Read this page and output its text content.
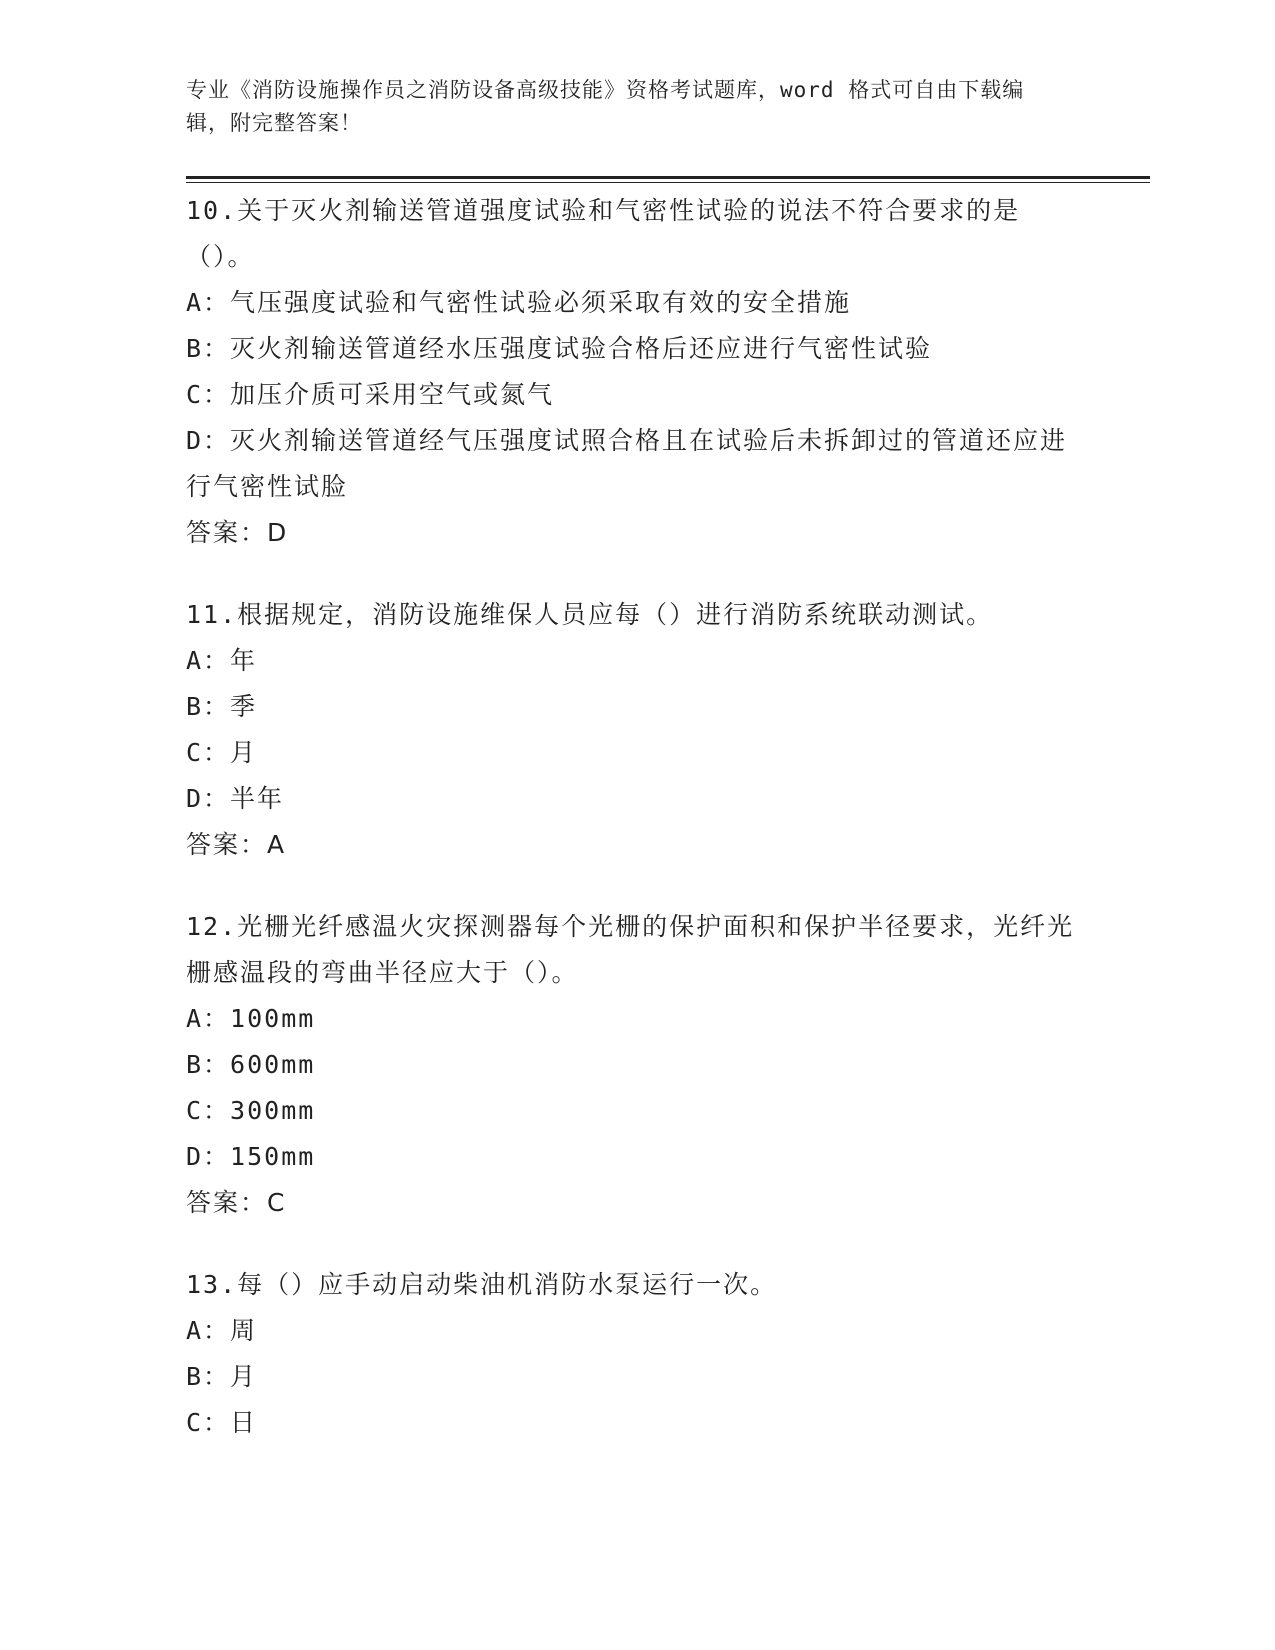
专业《消防设施操作员之消防设备高级技能》资格考试题库，word 格式可自由下载编辑，附完整答案！

10.关于灭火剂输送管道强度试验和气密性试验的说法不符合要求的是（）。

A：气压强度试验和气密性试验必须采取有效的安全措施

B：灭火剂输送管道经水压强度试验合格后还应进行气密性试验

C：加压介质可采用空气或氮气

D：灭火剂输送管道经气压强度试照合格且在试验后未拆卸过的管道还应进行气密性试脸

答案：D

11.根据规定，消防设施维保人员应每（）进行消防系统联动测试。

A：年

B：季

C：月

D：半年

答案：A

12.光栅光纤感温火灾探测器每个光栅的保护面积和保护半径要求，光纤光栅感温段的弯曲半径应大于（）。

A：100mm

B：600mm

C：300mm

D：150mm

答案：C

13.每（）应手动启动柴油机消防水泵运行一次。

A：周

B：月

C：日
